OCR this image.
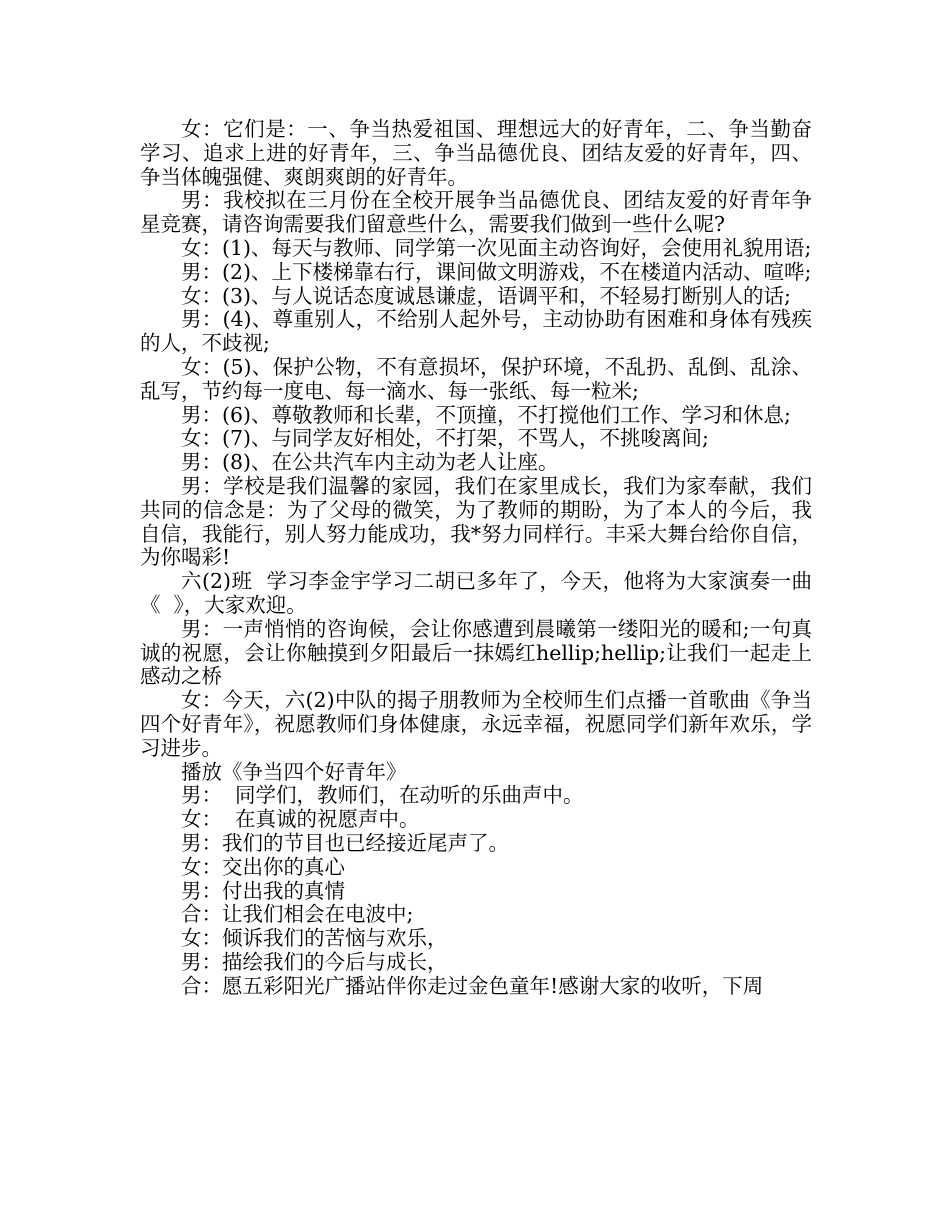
女：它们是：一、争当热爱祖国、理想远大的好青年，二、争当勤奋学习、追求上进的好青年，三、争当品德优良、团结友爱的好青年，四、争当体魄强健、爽朗爽朗的好青年。

男：我校拟在三月份在全校开展争当品德优良、团结友爱的好青年争星竞赛，请咨询需要我们留意些什么，需要我们做到一些什么呢?

女：(1)、每天与教师、同学第一次见面主动咨询好，会使用礼貌用语;

男：(2)、上下楼梯靠右行，课间做文明游戏，不在楼道内活动、喧哗;

女：(3)、与人说话态度诚恳谦虚，语调平和，不轻易打断别人的话;

男：(4)、尊重别人，不给别人起外号，主动协助有困难和身体有残疾的人，不歧视;

女：(5)、保护公物，不有意损坏，保护环境，不乱扔、乱倒、乱涂、乱写，节约每一度电、每一滴水、每一张纸、每一粒米;

男：(6)、尊敬教师和长辈，不顶撞，不打搅他们工作、学习和休息;

女：(7)、与同学友好相处，不打架，不骂人，不挑唆离间;

男：(8)、在公共汽车内主动为老人让座。

男：学校是我们温馨的家园，我们在家里成长，我们为家奉献，我们共同的信念是：为了父母的微笑，为了教师的期盼，为了本人的今后，我自信，我能行，别人努力能成功，我*努力同样行。丰采大舞台给你自信，为你喝彩!

六(2)班  学习李金宇学习二胡已多年了，今天，他将为大家演奏一曲《  》，大家欢迎。

男：一声悄悄的咨询候，会让你感遭到晨曦第一缕阳光的暖和;一句真诚的祝愿，会让你触摸到夕阳最后一抹嫣红hellip;hellip;让我们一起走上感动之桥

女：今天，六(2)中队的揭子朋教师为全校师生们点播一首歌曲《争当四个好青年》，祝愿教师们身体健康，永远幸福，祝愿同学们新年欢乐，学习进步。

播放《争当四个好青年》

男：  同学们，教师们，在动听的乐曲声中。

女：  在真诚的祝愿声中。

男：我们的节目也已经接近尾声了。

女：交出你的真心

男：付出我的真情

合：让我们相会在电波中;

女：倾诉我们的苦恼与欢乐，

男：描绘我们的今后与成长，

合：愿五彩阳光广播站伴你走过金色童年!感谢大家的收听，下周
